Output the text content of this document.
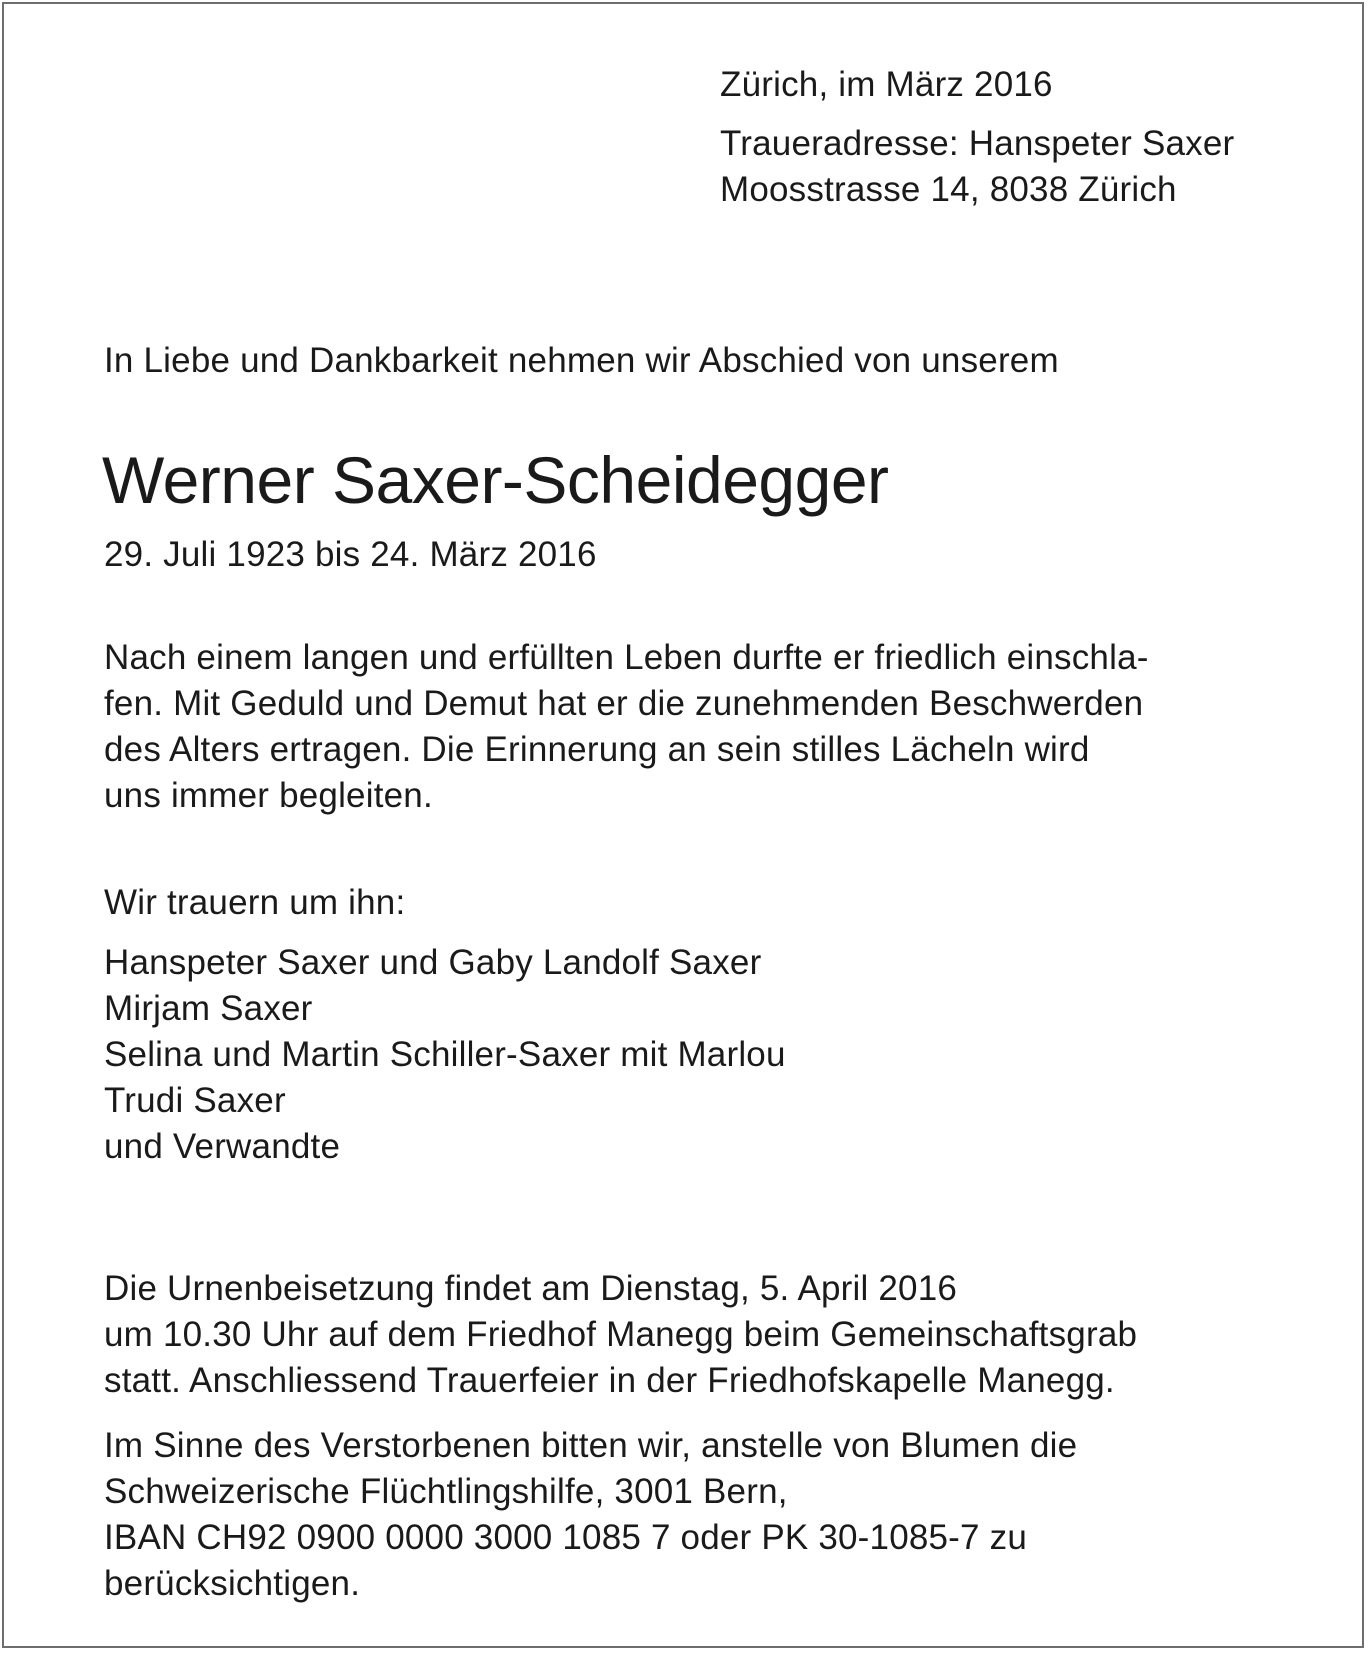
Zürich, im März 2016
Traueradresse: Hanspeter Saxer
Moosstrasse 14, 8038 Zürich
In Liebe und Dankbarkeit nehmen wir Abschied von unserem
Werner Saxer-Scheidegger
29. Juli 1923 bis 24. März 2016
Nach einem langen und erfüllten Leben durfte er friedlich einschla-
fen. Mit Geduld und Demut hat er die zunehmenden Beschwerden
des Alters ertragen. Die Erinnerung an sein stilles Lächeln wird
uns immer begleiten.
Wir trauern um ihn:
Hanspeter Saxer und Gaby Landolf Saxer
Mirjam Saxer
Selina und Martin Schiller-Saxer mit Marlou
Trudi Saxer
und Verwandte
Die Urnenbeisetzung findet am Dienstag, 5. April 2016
um 10.30 Uhr auf dem Friedhof Manegg beim Gemeinschaftsgrab
statt. Anschliessend Trauerfeier in der Friedhofskapelle Manegg.
Im Sinne des Verstorbenen bitten wir, anstelle von Blumen die
Schweizerische Flüchtlingshilfe, 3001 Bern,
IBAN CH92 0900 0000 3000 1085 7 oder PK 30-1085-7 zu
berücksichtigen.
